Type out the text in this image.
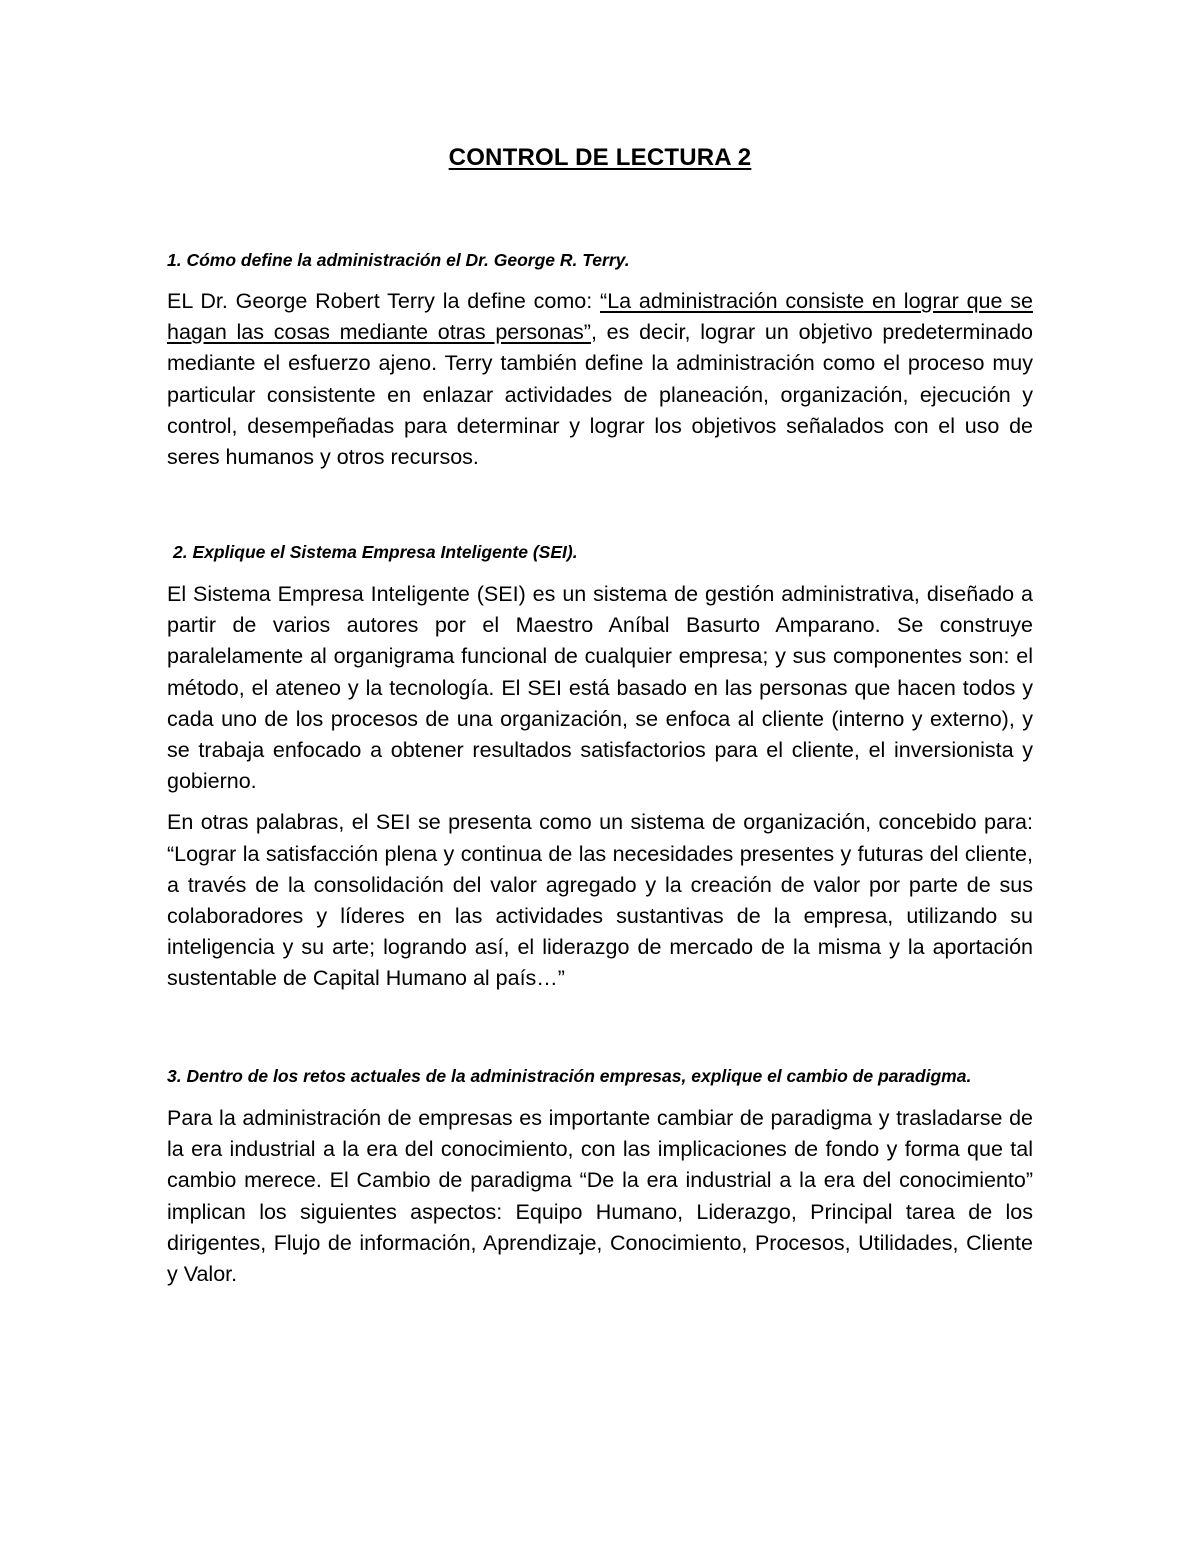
CONTROL DE LECTURA 2

1. Cómo define la administración el Dr. George R. Terry.

EL Dr. George Robert Terry la define como: “La administración consiste en lograr que se hagan las cosas mediante otras personas”, es decir, lograr un objetivo predeterminado mediante el esfuerzo ajeno. Terry también define la administración como el proceso muy particular consistente en enlazar actividades de planeación, organización, ejecución y control, desempeñadas para determinar y lograr los objetivos señalados con el uso de seres humanos y otros recursos.

2. Explique el Sistema Empresa Inteligente (SEI).

El Sistema Empresa Inteligente (SEI) es un sistema de gestión administrativa, diseñado a partir de varios autores por el Maestro Aníbal Basurto Amparano. Se construye paralelamente al organigrama funcional de cualquier empresa; y sus componentes son: el método, el ateneo y la tecnología. El SEI está basado en las personas que hacen todos y cada uno de los procesos de una organización, se enfoca al cliente (interno y externo), y se trabaja enfocado a obtener resultados satisfactorios para el cliente, el inversionista y gobierno.

En otras palabras, el SEI se presenta como un sistema de organización, concebido para: “Lograr la satisfacción plena y continua de las necesidades presentes y futuras del cliente, a través de la consolidación del valor agregado y la creación de valor por parte de sus colaboradores y líderes en las actividades sustantivas de la empresa, utilizando su inteligencia y su arte; logrando así, el liderazgo de mercado de la misma y la aportación sustentable de Capital Humano al país…”

3. Dentro de los retos actuales de la administración empresas, explique el cambio de paradigma.

Para la administración de empresas es importante cambiar de paradigma y trasladarse de la era industrial a la era del conocimiento, con las implicaciones de fondo y forma que tal cambio merece. El Cambio de paradigma “De la era industrial a la era del conocimiento” implican los siguientes aspectos: Equipo Humano, Liderazgo, Principal tarea de los dirigentes, Flujo de información, Aprendizaje, Conocimiento, Procesos, Utilidades, Cliente y Valor.
